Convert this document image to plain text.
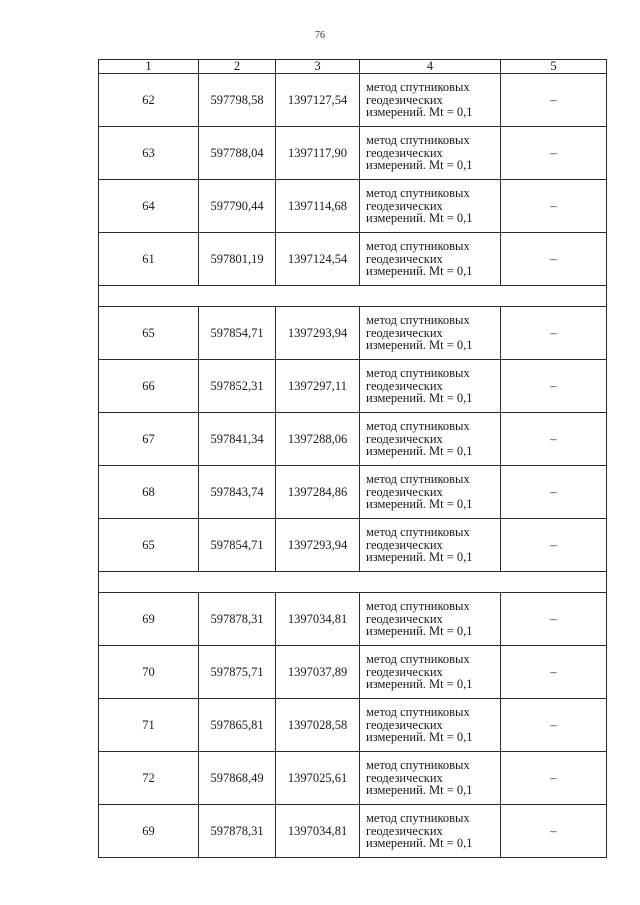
76
1	2	3	4	5
62	597798,58	1397127,54	метод спутниковых
геодезических
измерений. Mt = 0,1	–
63	597788,04	1397117,90	метод спутниковых
геодезических
измерений. Mt = 0,1	–
64	597790,44	1397114,68	метод спутниковых
геодезических
измерений. Mt = 0,1	–
61	597801,19	1397124,54	метод спутниковых
геодезических
измерений. Mt = 0,1	–

65	597854,71	1397293,94	метод спутниковых
геодезических
измерений. Mt = 0,1	–
66	597852,31	1397297,11	метод спутниковых
геодезических
измерений. Mt = 0,1	–
67	597841,34	1397288,06	метод спутниковых
геодезических
измерений. Mt = 0,1	–
68	597843,74	1397284,86	метод спутниковых
геодезических
измерений. Mt = 0,1	–
65	597854,71	1397293,94	метод спутниковых
геодезических
измерений. Mt = 0,1	–

69	597878,31	1397034,81	метод спутниковых
геодезических
измерений. Mt = 0,1	–
70	597875,71	1397037,89	метод спутниковых
геодезических
измерений. Mt = 0,1	–
71	597865,81	1397028,58	метод спутниковых
геодезических
измерений. Mt = 0,1	–
72	597868,49	1397025,61	метод спутниковых
геодезических
измерений. Mt = 0,1	–
69	597878,31	1397034,81	метод спутниковых
геодезических
измерений. Mt = 0,1	–
